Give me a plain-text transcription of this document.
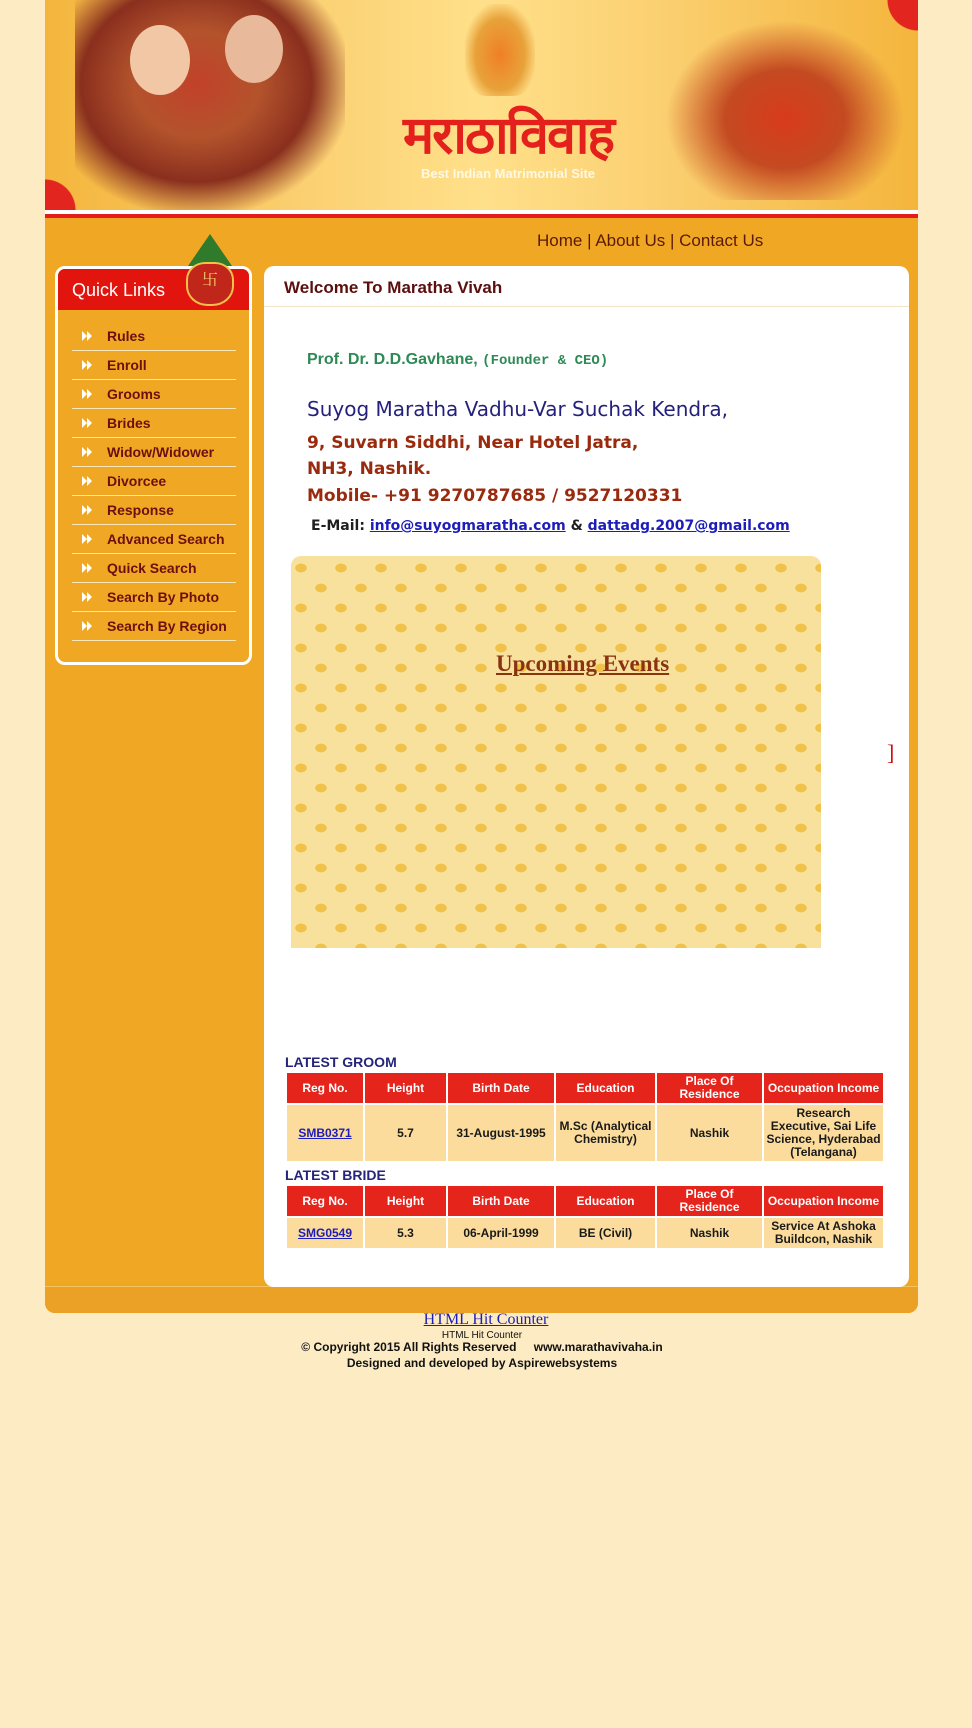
मराठाविवाह
Best Indian Matrimonial Site
Home | About Us | Contact Us
Quick Links 卐
Rules
Enroll
Grooms
Brides
Widow/Widower
Divorcee
Response
Advanced Search
Quick Search
Search By Photo
Search By Region
Welcome To Maratha Vivah
Prof. Dr. D.D.Gavhane, (Founder & CEO)
Suyog Maratha Vadhu-Var Suchak Kendra,
9, Suvarn Siddhi, Near Hotel Jatra,
NH3, Nashik.
Mobile- +91 9270787685 / 9527120331
E-Mail: info@suyogmaratha.com & dattadg.2007@gmail.com
Upcoming Events
]
LATEST GROOM
Reg No.	Height	Birth Date	Education	Place Of Residence	Occupation Income
SMB0371	5.7	31-August-1995	M.Sc (Analytical Chemistry)	Nashik	Research Executive, Sai Life Science, Hyderabad (Telangana)
LATEST BRIDE
Reg No.	Height	Birth Date	Education	Place Of Residence	Occupation Income
SMG0549	5.3	06-April-1999	BE (Civil)	Nashik	Service At Ashoka Buildcon, Nashik
HTML Hit Counter
HTML Hit Counter
© Copyright 2015 All Rights Reserved www.marathavivaha.in
Designed and developed by Aspirewebsystems
